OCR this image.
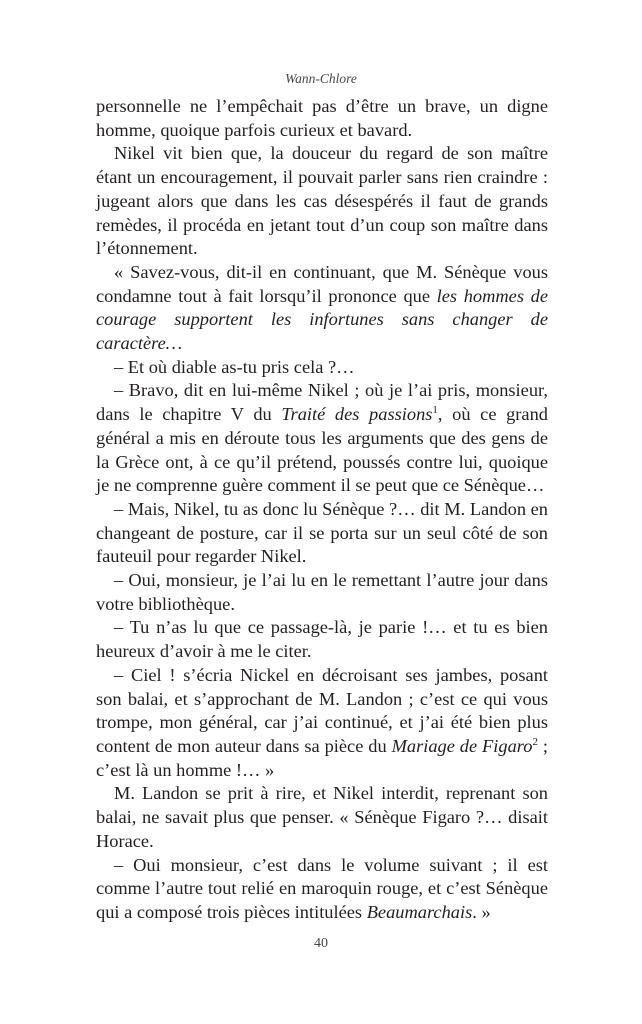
Wann-Chlore

personnelle ne l’empêchait pas d’être un brave, un digne homme, quoique parfois curieux et bavard.

Nikel vit bien que, la douceur du regard de son maître étant un encouragement, il pouvait parler sans rien craindre : jugeant alors que dans les cas désespérés il faut de grands remèdes, il procéda en jetant tout d’un coup son maître dans l’étonnement.

« Savez-vous, dit-il en continuant, que M. Sénèque vous condamne tout à fait lorsqu’il prononce que les hommes de courage supportent les infortunes sans changer de caractère…

– Et où diable as-tu pris cela ?…

– Bravo, dit en lui-même Nikel ; où je l’ai pris, monsieur, dans le chapitre V du Traité des passions$^1$, où ce grand général a mis en déroute tous les arguments que des gens de la Grèce ont, à ce qu’il prétend, poussés contre lui, quoique je ne comprenne guère comment il se peut que ce Sénèque…

– Mais, Nikel, tu as donc lu Sénèque ?… dit M. Landon en changeant de posture, car il se porta sur un seul côté de son fauteuil pour regarder Nikel.

– Oui, monsieur, je l’ai lu en le remettant l’autre jour dans votre bibliothèque.

– Tu n’as lu que ce passage-là, je parie !… et tu es bien heureux d’avoir à me le citer.

– Ciel ! s’écria Nickel en décroisant ses jambes, posant son balai, et s’approchant de M. Landon ; c’est ce qui vous trompe, mon général, car j’ai continué, et j’ai été bien plus content de mon auteur dans sa pièce du Mariage de Figaro$^2$ ; c’est là un homme !… »

M. Landon se prit à rire, et Nikel interdit, reprenant son balai, ne savait plus que penser. « Sénèque Figaro ?… disait Horace.

– Oui monsieur, c’est dans le volume suivant ; il est comme l’autre tout relié en maroquin rouge, et c’est Sénèque qui a composé trois pièces intitulées Beaumarchais. »

40
